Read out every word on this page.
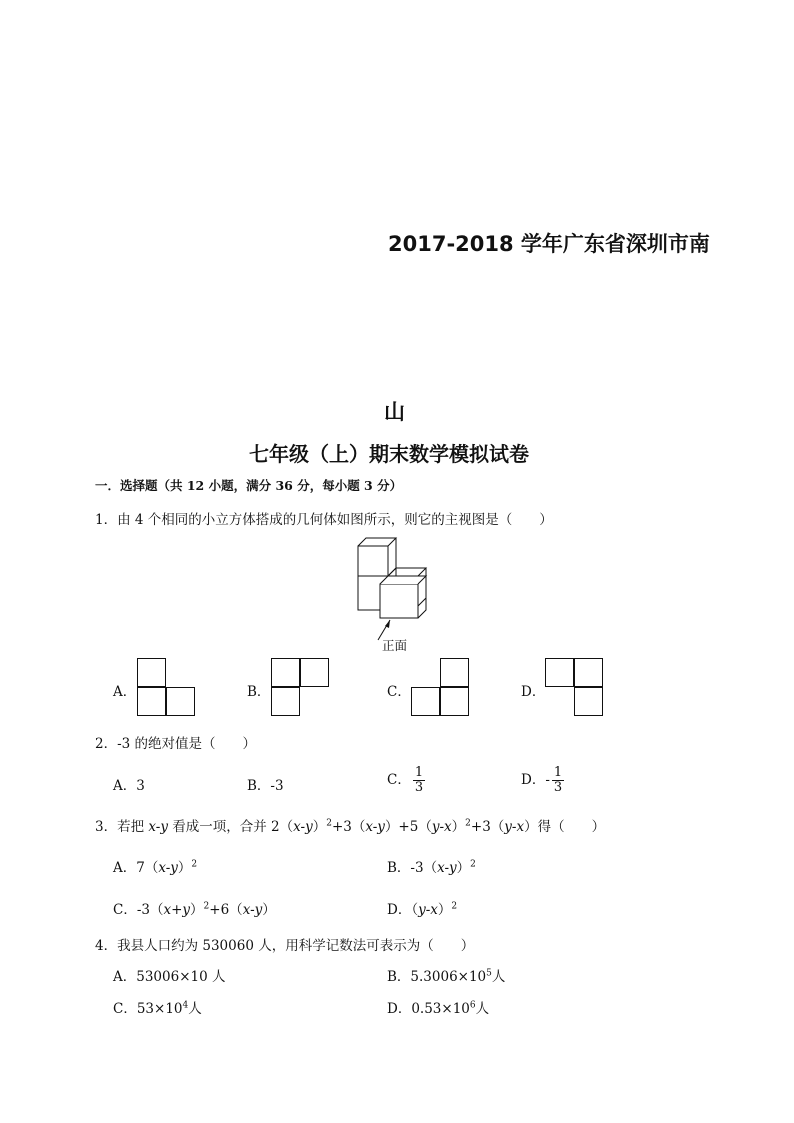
2017-2018 学年广东省深圳市南
山
七年级（上）期末数学模拟试卷
一．选择题（共 12 小题，满分 36 分，每小题 3 分）
1．由 4 个相同的小立方体搭成的几何体如图所示，则它的主视图是（　　）
正面
A．	B．	C．	D．
2．-3 的绝对值是（　　）
A．3	B．-3	C． $\frac{1}{3}$	D．- $\frac{1}{3}$
3．若把 x-y 看成一项，合并 $2(x-y)^2+3(x-y)+5(y-x)^2+3(y-x)$得（　　）
A．$7(x-y)^2$	B．$-3(x-y)^2$
C．$-3(x+y)^2+6(x-y)$	D．$(y-x)^2$
4．我县人口约为 530060 人，用科学记数法可表示为（　　）
A．53006×10 人	B．$5.3006\times 10^5$人
C．$53\times 10^4$人	D．$0.53\times 10^6$人
